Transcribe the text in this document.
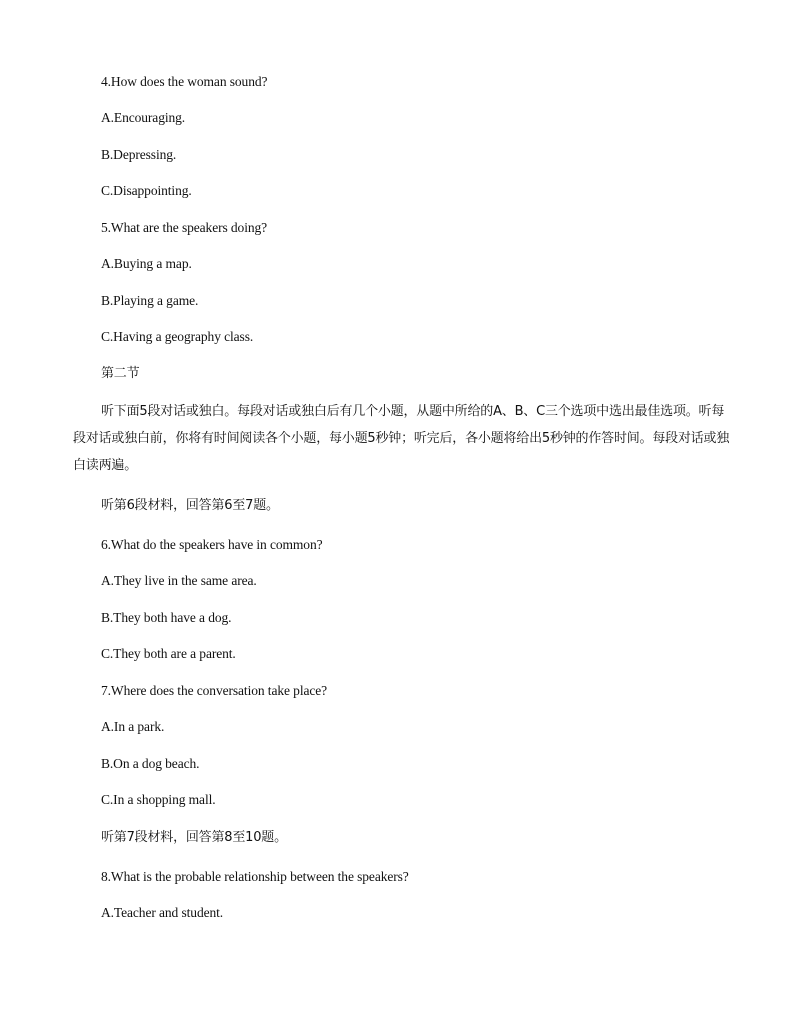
4.How does the woman sound?
A.Encouraging.
B.Depressing.
C.Disappointing.
5.What are the speakers doing?
A.Buying a map.
B.Playing a game.
C.Having a geography class.
第二节
听下面5段对话或独白。每段对话或独白后有几个小题，从题中所给的A、B、C三个选项中选出最佳选项。听每段对话或独白前，你将有时间阅读各个小题，每小题5秒钟；听完后，各小题将给出5秒钟的作答时间。每段对话或独白读两遍。
听第6段材料，回答第6至7题。
6.What do the speakers have in common?
A.They live in the same area.
B.They both have a dog.
C.They both are a parent.
7.Where does the conversation take place?
A.In a park.
B.On a dog beach.
C.In a shopping mall.
听第7段材料，回答第8至10题。
8.What is the probable relationship between the speakers?
A.Teacher and student.
